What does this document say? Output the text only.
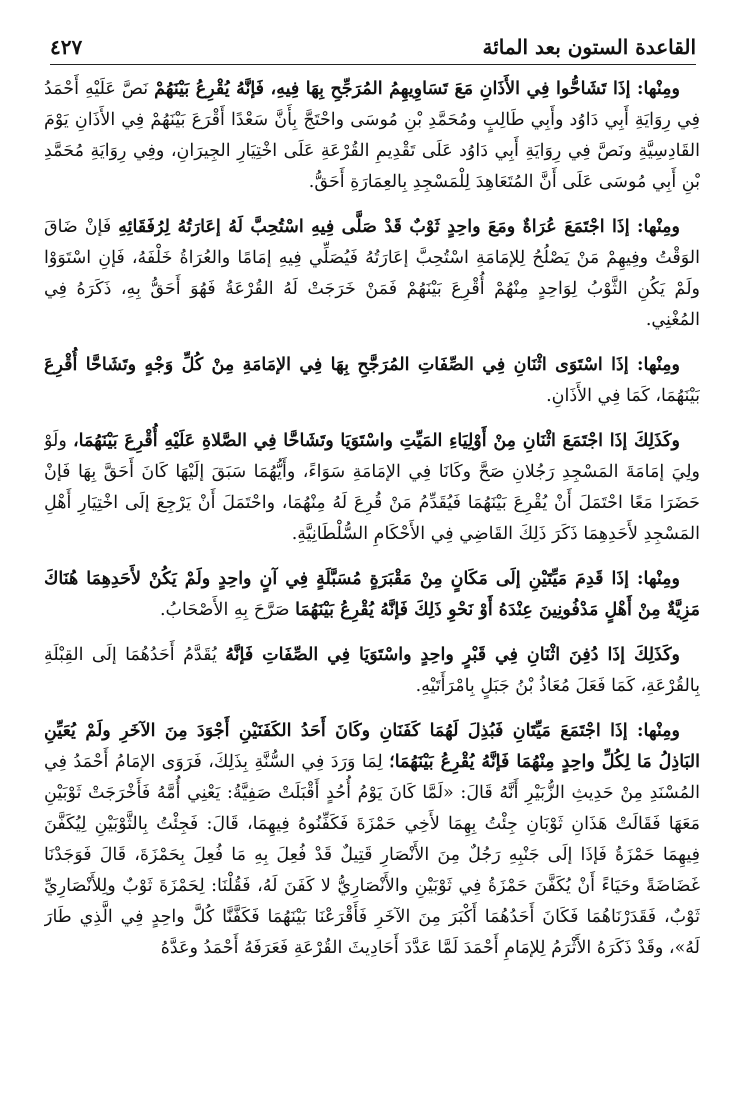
القاعدة الستون بعد المائة
٤٢٧

ومِنْها: إذَا تَشَاحُّوا فِي الأَذَانِ مَعَ تَسَاوِيهِمُ المُرَجِّحِ بِهَا فِيهِ، فَإنَّهُ يُقْرِعُ بَيْنَهُمْ نَصَّ عَلَيْهِ أَحْمَدُ فِي رِوَايَةِ أَبِي دَاوُد وأَبِي طَالِبٍ ومُحَمَّدِ بْنِ مُوسَى واحْتَجَّ بِأَنَّ سَعْدًا أَقْرَعَ بَيْنَهُمْ فِي الأَذَانِ يَوْمَ القَادِسِيَّةِ ونَصَّ فِي رِوَايَةِ أَبِي دَاوُد عَلَى تَقْدِيمِ القُرْعَةِ عَلَى اخْتِيَارِ الجِيرَانِ، وفِي رِوَايَةِ مُحَمَّدِ بْنِ أَبِي مُوسَى عَلَى أَنَّ المُتَعَاهِدَ لِلْمَسْجِدِ بِالعِمَارَةِ أَحَقُّ.

ومِنْها: إذَا اجْتَمَعَ عُرَاةٌ ومَعَ واحِدٍ ثَوْبٌ قَدْ صَلَّى فِيهِ اسْتُحِبَّ لَهُ إعَارَتُهُ لِرُفَقَائِهِ فَإنْ ضَاقَ الوَقْتُ وفِيهِمْ مَنْ يَصْلُحُ لِلإمَامَةِ اسْتُحِبَّ إعَارَتُهُ فَيُصَلِّي فِيهِ إمَامًا والعُرَاةُ خَلْفَهُ، فَإنِ اسْتَوَوْا ولَمْ يَكُنِ الثَّوْبُ لِوَاحِدٍ مِنْهُمْ أُقْرِعَ بَيْنَهُمْ فَمَنْ خَرَجَتْ لَهُ القُرْعَةُ فَهُوَ أَحَقُّ بِهِ، ذَكَرَهُ فِي المُغْنِي.

ومِنْها: إذَا اسْتَوَى اثْنَانِ فِي الصِّفَاتِ المُرَجَّحِ بِهَا فِي الإمَامَةِ مِنْ كُلِّ وَجْهٍ وتَشَاحَّا أُقْرِعَ بَيْنَهُمَا، كَمَا فِي الأَذَانِ.

وكَذَلِكَ إذَا اجْتَمَعَ اثْنَانِ مِنْ أَوْلِيَاءِ المَيِّتِ واسْتَوَيَا وتَشَاحَّا فِي الصَّلاةِ عَلَيْهِ أُقْرِعَ بَيْنَهُمَا، ولَوْ ولِيَ إمَامَةَ المَسْجِدِ رَجُلانِ صَحَّ وكَانَا فِي الإمَامَةِ سَوَاءً، وأَيُّهُمَا سَبَقَ إلَيْهَا كَانَ أَحَقَّ بِهَا فَإنْ حَضَرَا مَعًا احْتَمَلَ أَنْ يُقْرِعَ بَيْنَهُمَا فَيُقَدِّمُ مَنْ قُرِعَ لَهُ مِنْهُمَا، واحْتَمَلَ أَنْ يَرْجِعَ إلَى اخْتِيَارِ أَهْلِ المَسْجِدِ لأَحَدِهِمَا ذَكَرَ ذَلِكَ القَاضِي فِي الأَحْكَامِ السُّلْطَانِيَّةِ.

ومِنْها: إذَا قَدِمَ مَيِّتَيْنِ إلَى مَكَانٍ مِنْ مَقْبَرَةٍ مُسَبَّلَةٍ فِي آنٍ واحِدٍ ولَمْ يَكُنْ لأَحَدِهِمَا هُنَاكَ مَزِيَّةٌ مِنْ أَهْلٍ مَدْفُونِينَ عِنْدَهُ أَوْ نَحْوِ ذَلِكَ فَإنَّهُ يُقْرِعُ بَيْنَهُمَا صَرَّحَ بِهِ الأَصْحَابُ.

وكَذَلِكَ إذَا دُفِنَ اثْنَانِ فِي قَبْرٍ واحِدٍ واسْتَوَيَا فِي الصِّفَاتِ فَإنَّهُ يُقَدَّمُ أَحَدُهُمَا إلَى القِبْلَةِ بِالقُرْعَةِ، كَمَا فَعَلَ مُعَاذُ بْنُ جَبَلٍ بِامْرَأَتَيْهِ.

ومِنْها: إذَا اجْتَمَعَ مَيِّتَانِ فَبُذِلَ لَهُمَا كَفَنَانِ وكَانَ أَحَدُ الكَفَنَيْنِ أَجْوَدَ مِنَ الآخَرِ ولَمْ يُعَيِّنِ البَاذِلُ مَا لِكُلِّ واحِدٍ مِنْهُمَا فَإنَّهُ يُقْرِعُ بَيْنَهُمَا؛ لِمَا وَرَدَ فِي السُّنَّةِ بِذَلِكَ، فَرَوَى الإمَامُ أَحْمَدُ فِي المُسْنَدِ مِنْ حَدِيثِ الزُّبَيْرِ أَنَّهُ قَالَ: «لَمَّا كَانَ يَوْمُ أُحُدٍ أَقْبَلَتْ صَفِيَّةُ: يَعْنِي أُمَّهُ فَأَخْرَجَتْ ثَوْبَيْنِ مَعَهَا فَقَالَتْ هَذَانِ ثَوْبَانِ جِئْتُ بِهِمَا لأَخِي حَمْزَةَ فَكَفِّنُوهُ فِيهِمَا، قَالَ: فَجِئْتُ بِالثَّوْبَيْنِ لِيُكَفَّنَ فِيهِمَا حَمْزَةُ فَإذَا إلَى جَنْبِهِ رَجُلٌ مِنَ الأَنْصَارِ قَتِيلٌ قَدْ فُعِلَ بِهِ مَا فُعِلَ بِحَمْزَةَ، قَالَ فَوَجَدْنَا غَضَاضَةً وحَيَاءً أَنْ يُكَفَّنَ حَمْزَةُ فِي ثَوْبَيْنِ والأَنْصَارِيُّ لا كَفَنَ لَهُ، فَقُلْنَا: لِحَمْزَةَ ثَوْبٌ ولِلأَنْصَارِيِّ ثَوْبٌ، فَقَدَرْنَاهُمَا فَكَانَ أَحَدُهُمَا أَكْبَرَ مِنَ الآخَرِ فَأَقْرَعْنَا بَيْنَهُمَا فَكَفَّنَّا كُلَّ واحِدٍ فِي الَّذِي طَارَ لَهُ»، وقَدْ ذَكَرَهُ الأَثْرَمُ لِلإمَامِ أَحْمَدَ لَمَّا عَدَّدَ أَحَادِيثَ القُرْعَةِ فَعَرَفَهُ أَحْمَدُ وعَدَّهُ
